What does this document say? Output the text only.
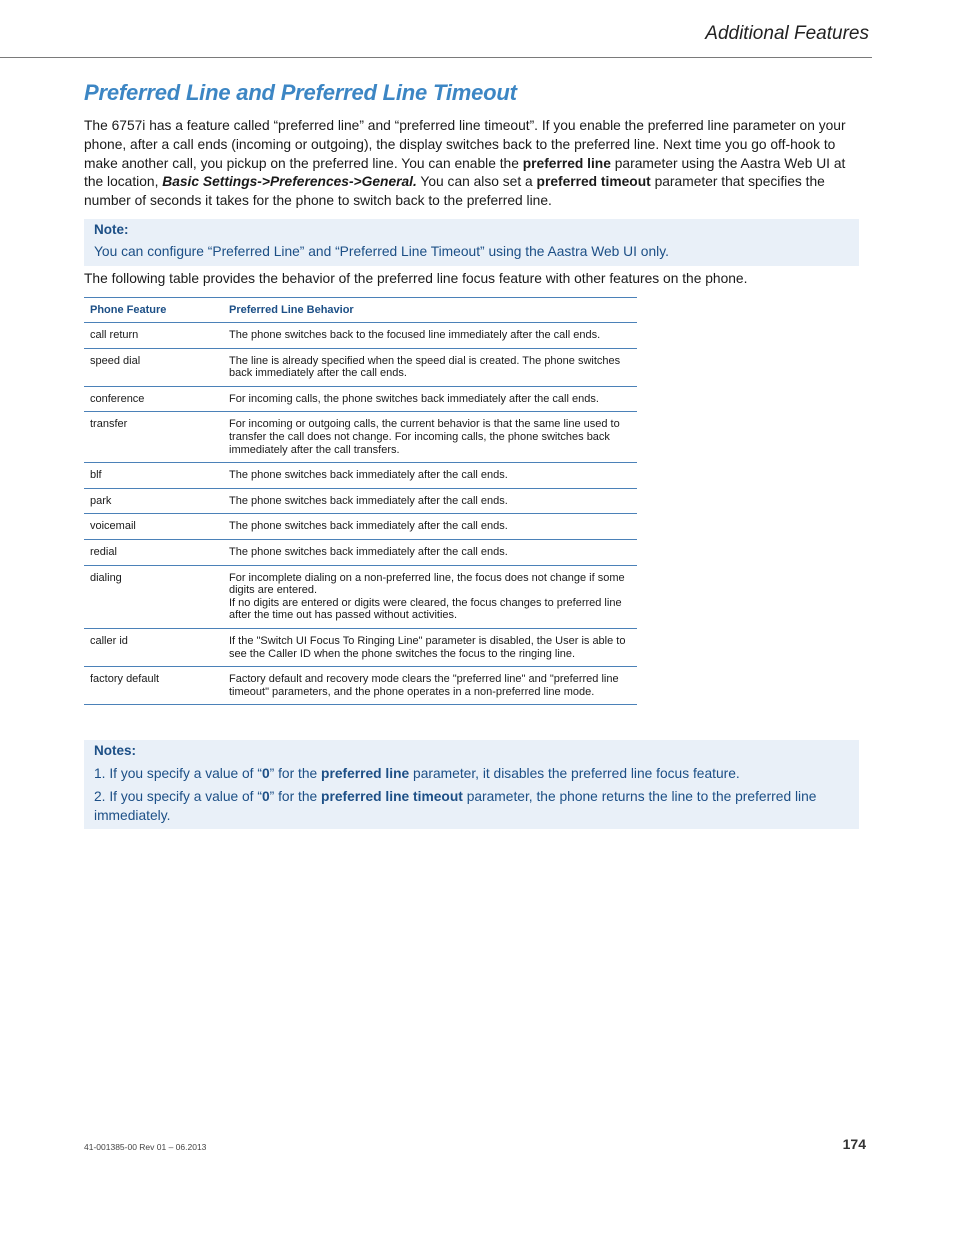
Additional Features
Preferred Line and Preferred Line Timeout

The 6757i has a feature called “preferred line” and “preferred line timeout”. If you enable the preferred line parameter on your phone, after a call ends (incoming or outgoing), the display switches back to the preferred line. Next time you go off-hook to make another call, you pickup on the preferred line. You can enable the preferred line parameter using the Aastra Web UI at the location, Basic Settings->Preferences->General. You can also set a preferred timeout parameter that specifies the number of seconds it takes for the phone to switch back to the preferred line.

Note:

You can configure “Preferred Line” and “Preferred Line Timeout” using the Aastra Web UI only.

The following table provides the behavior of the preferred line focus feature with other features on the phone.

Phone Feature	Preferred Line Behavior
call return	The phone switches back to the focused line immediately after the call ends.
speed dial	The line is already specified when the speed dial is created. The phone switches back immediately after the call ends.
conference	For incoming calls, the phone switches back immediately after the call ends.
transfer	For incoming or outgoing calls, the current behavior is that the same line used to transfer the call does not change. For incoming calls, the phone switches back immediately after the call transfers.
blf	The phone switches back immediately after the call ends.
park	The phone switches back immediately after the call ends.
voicemail	The phone switches back immediately after the call ends.
redial	The phone switches back immediately after the call ends.
dialing	For incomplete dialing on a non-preferred line, the focus does not change if some digits are entered.
If no digits are entered or digits were cleared, the focus changes to preferred line after the time out has passed without activities.
caller id	If the "Switch UI Focus To Ringing Line" parameter is disabled, the User is able to see the Caller ID when the phone switches the focus to the ringing line.
factory default	Factory default and recovery mode clears the "preferred line" and "preferred line timeout" parameters, and the phone operates in a non-preferred line mode.

Notes:

1. If you specify a value of “0” for the preferred line parameter, it disables the preferred line focus feature.

2. If you specify a value of “0” for the preferred line timeout parameter, the phone returns the line to the preferred line immediately.

41-001385-00 Rev 01 – 06.2013	174
